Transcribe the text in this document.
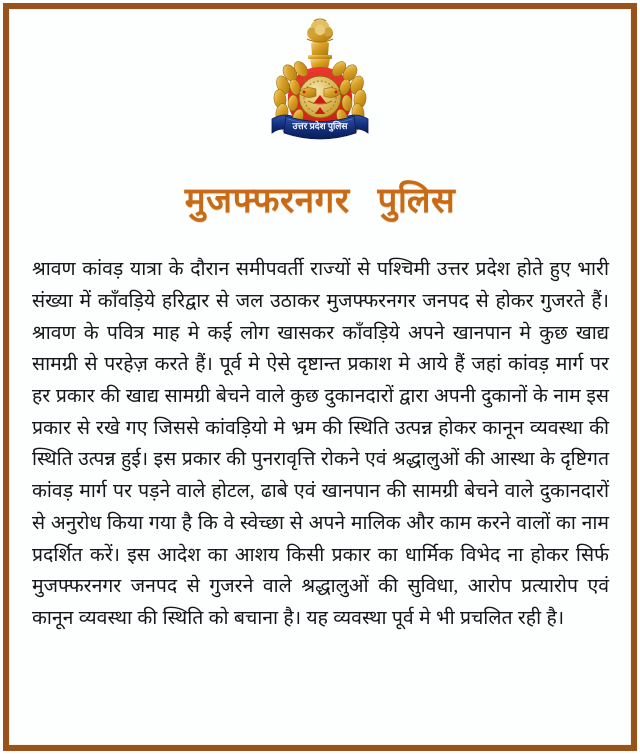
उत्तर प्रदेश पुलिस
मुजफ्फरनगर   पुलिस

श्रावण कांवड़ यात्रा के दौरान समीपवर्ती राज्यों से पश्चिमी उत्तर प्रदेश होते हुए भारी संख्या में काँवड़िये हरिद्वार से जल उठाकर मुजफ्फरनगर जनपद से होकर गुजरते हैं। श्रावण के पवित्र माह मे कई लोग खासकर काँवड़िये अपने खानपान मे कुछ खाद्य सामग्री से परहेज़ करते हैं। पूर्व मे ऐसे दृष्टान्त प्रकाश मे आये हैं जहां कांवड़ मार्ग पर हर प्रकार की खाद्य सामग्री बेचने वाले कुछ दुकानदारों द्वारा अपनी दुकानों के नाम इस प्रकार से रखे गए जिससे कांवड़ियो मे भ्रम की स्थिति उत्पन्न होकर कानून व्यवस्था की स्थिति उत्पन्न हुई। इस प्रकार की पुनरावृत्ति रोकने एवं श्रद्धालुओं की आस्था के दृष्टिगत कांवड़ मार्ग पर पड़ने वाले होटल, ढाबे एवं खानपान की सामग्री बेचने वाले दुकानदारों से अनुरोध किया गया है कि वे स्वेच्छा से अपने मालिक और काम करने वालों का नाम प्रदर्शित करें। इस आदेश का आशय किसी प्रकार का धार्मिक विभेद ना होकर सिर्फ मुजफ्फरनगर जनपद से गुजरने वाले श्रद्धालुओं की सुविधा, आरोप प्रत्यारोप एवं कानून व्यवस्था की स्थिति को बचाना है। यह व्यवस्था पूर्व मे भी प्रचलित रही है।
